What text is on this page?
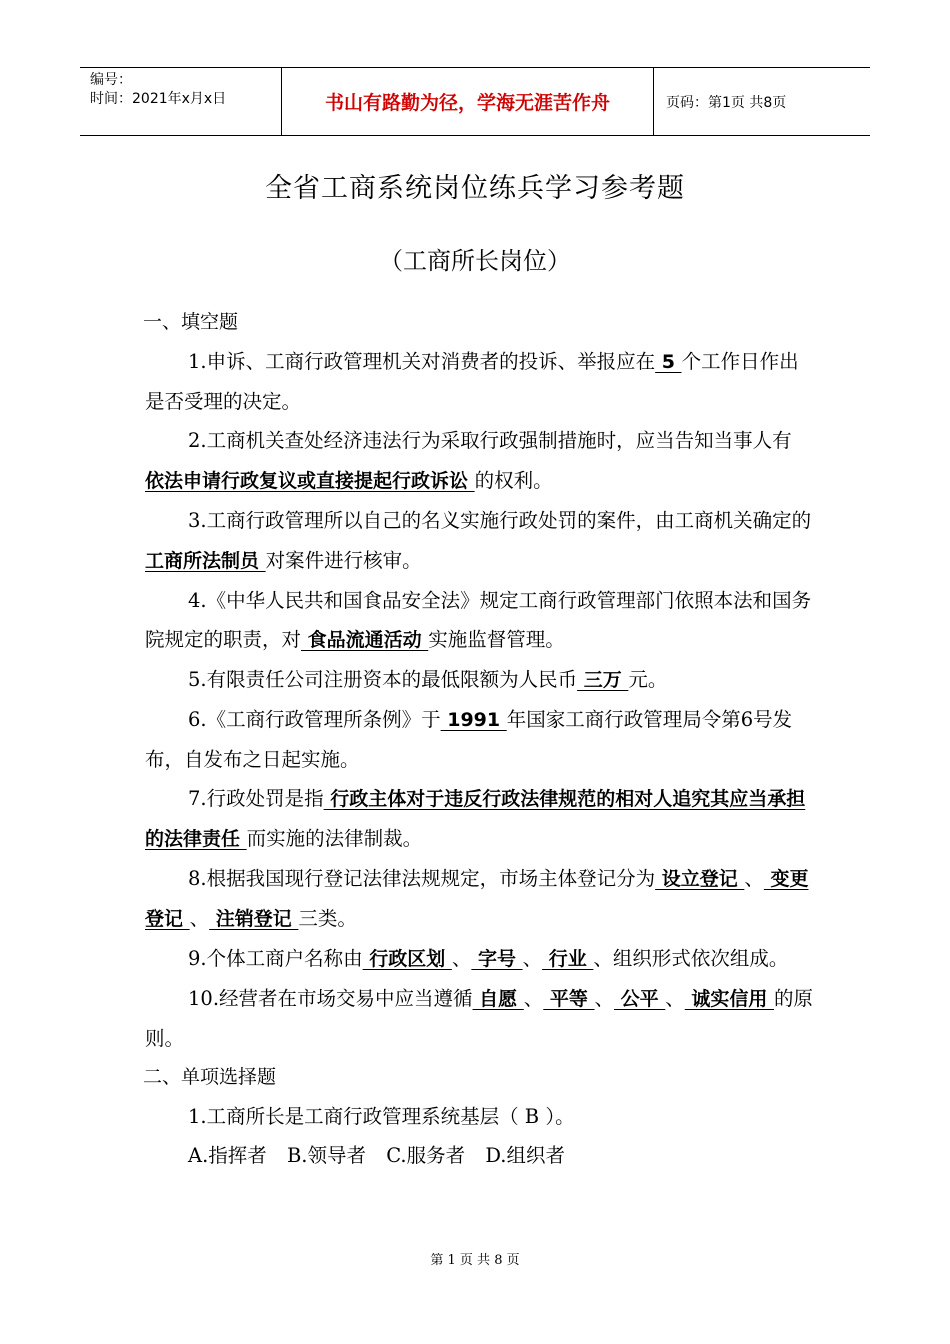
编号：
时间：2021年x月x日	书山有路勤为径，学海无涯苦作舟	页码：第1页 共8页
全省工商系统岗位练兵学习参考题
（工商所长岗位）

一、填空题

1.申诉、工商行政管理机关对消费者的投诉、举报应在 5 个工作日作出是否受理的决定。

2.工商机关查处经济违法行为采取行政强制措施时，应当告知当事人有 依法申请行政复议或直接提起行政诉讼 的权利。

3.工商行政管理所以自己的名义实施行政处罚的案件，由工商机关确定的 工商所法制员 对案件进行核审。

4.《中华人民共和国食品安全法》规定工商行政管理部门依照本法和国务院规定的职责，对 食品流通活动 实施监督管理。

5.有限责任公司注册资本的最低限额为人民币 三万 元。

6.《工商行政管理所条例》于 1991 年国家工商行政管理局令第6号发布，自发布之日起实施。

7.行政处罚是指 行政主体对于违反行政法律规范的相对人追究其应当承担的法律责任 而实施的法律制裁。

8.根据我国现行登记法律法规规定，市场主体登记分为 设立登记 、 变更登记 、 注销登记 三类。

9.个体工商户名称由 行政区划 、 字号 、 行业 、组织形式依次组成。

10.经营者在市场交易中应当遵循 自愿 、 平等 、 公平 、 诚实信用 的原则。

二、单项选择题

1.工商所长是工商行政管理系统基层（ B ）。

A.指挥者 B.领导者 C.服务者 D.组织者

第 1 页 共 8 页
